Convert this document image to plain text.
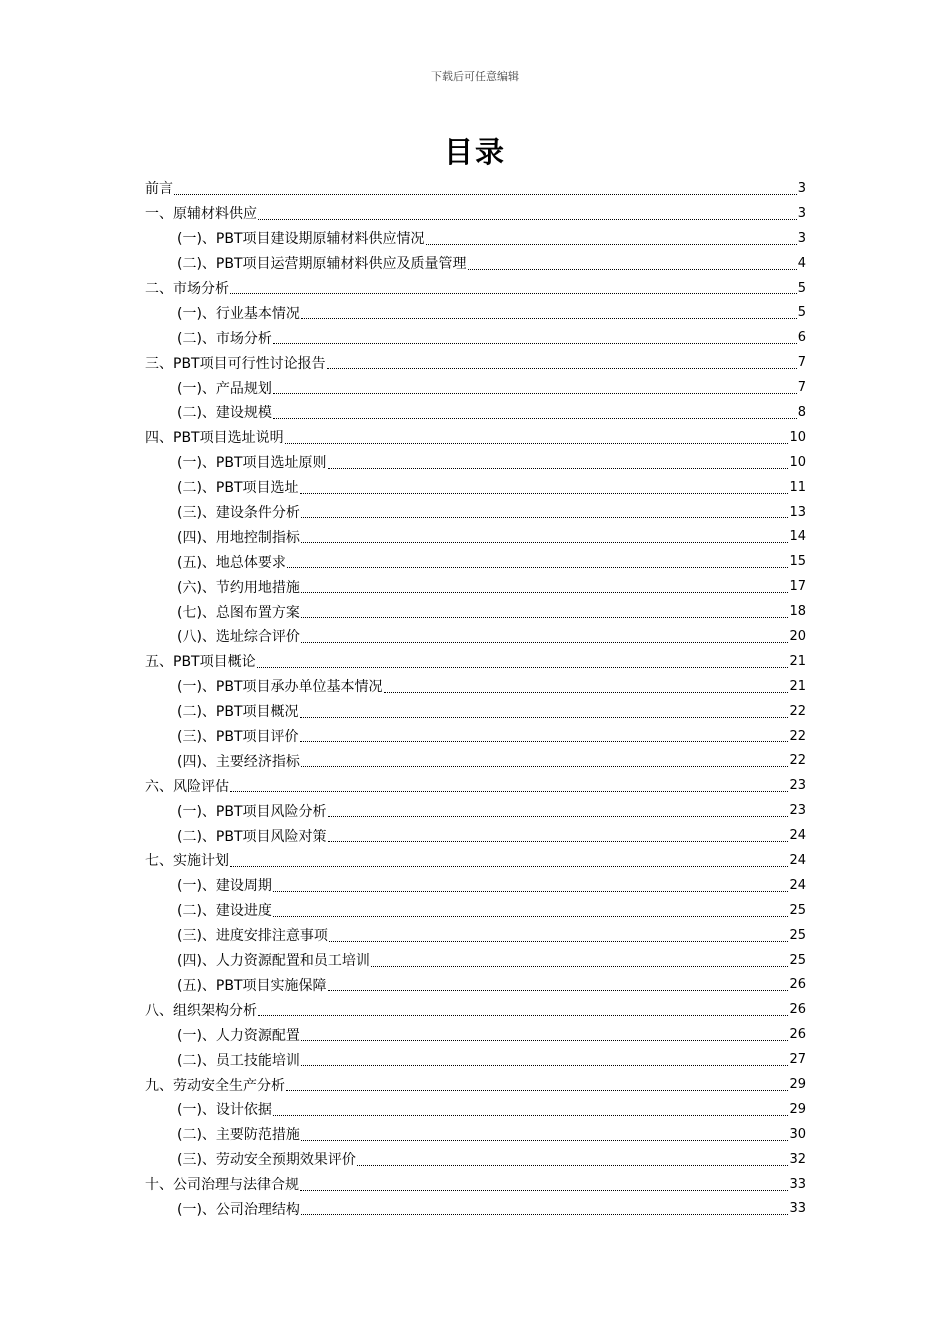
下载后可任意编辑
目录
前言	3
一、原辅材料供应	3
(一)、PBT项目建设期原辅材料供应情况	3
(二)、PBT项目运营期原辅材料供应及质量管理	4
二、市场分析	5
(一)、行业基本情况	5
(二)、市场分析	6
三、PBT项目可行性讨论报告	7
(一)、产品规划	7
(二)、建设规模	8
四、PBT项目选址说明	10
(一)、PBT项目选址原则	10
(二)、PBT项目选址	11
(三)、建设条件分析	13
(四)、用地控制指标	14
(五)、地总体要求	15
(六)、节约用地措施	17
(七)、总图布置方案	18
(八)、选址综合评价	20
五、PBT项目概论	21
(一)、PBT项目承办单位基本情况	21
(二)、PBT项目概况	22
(三)、PBT项目评价	22
(四)、主要经济指标	22
六、风险评估	23
(一)、PBT项目风险分析	23
(二)、PBT项目风险对策	24
七、实施计划	24
(一)、建设周期	24
(二)、建设进度	25
(三)、进度安排注意事项	25
(四)、人力资源配置和员工培训	25
(五)、PBT项目实施保障	26
八、组织架构分析	26
(一)、人力资源配置	26
(二)、员工技能培训	27
九、劳动安全生产分析	29
(一)、设计依据	29
(二)、主要防范措施	30
(三)、劳动安全预期效果评价	32
十、公司治理与法律合规	33
(一)、公司治理结构	33
